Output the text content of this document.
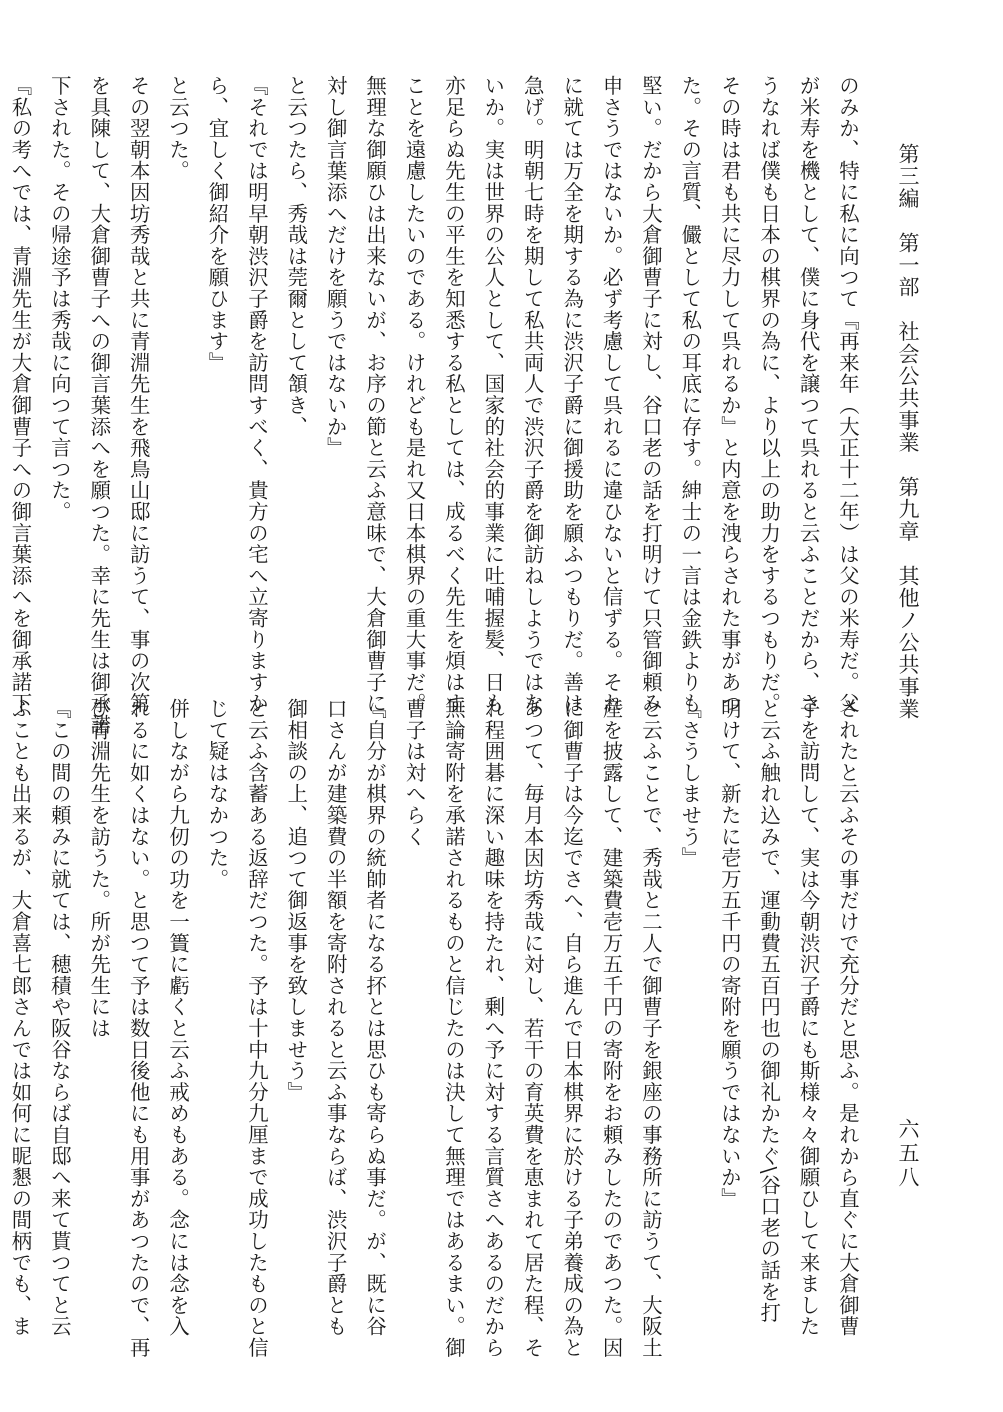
第三編　第一部　社会公共事業　第九章　其他ノ公共事業
六五八
のみか、特に私に向つて『再来年（大正十二年）は父の米寿だ。父
が米寿を機として、僕に身代を譲つて呉れると云ふことだから、さ
うなれば僕も日本の棋界の為に、より以上の助力をするつもりだ。
その時は君も共に尽力して呉れるか』と内意を洩らされた事があつ
た。その言質、儼として私の耳底に存す。紳士の一言は金鉄よりも
堅い。だから大倉御曹子に対し、谷口老の話を打明けて只管御頼み
申さうではないか。必ず考慮して呉れるに違ひないと信ずる。それ
に就ては万全を期する為に渋沢子爵に御援助を願ふつもりだ。善は
急げ。明朝七時を期して私共両人で渋沢子爵を御訪ねしようではな
いか。実は世界の公人として、国家的社会的事業に吐哺握髪、日も
亦足らぬ先生の平生を知悉する私としては、成るべく先生を煩はす
ことを遠慮したいのである。けれども是れ又日本棋界の重大事だ。
無理な御願ひは出来ないが、お序の節と云ふ意味で、大倉御曹子に
対し御言葉添へだけを願うではないか』
と云つたら、秀哉は莞爾として頷き、
『それでは明早朝渋沢子爵を訪問すべく、貴方の宅へ立寄りますか
ら、宜しく御紹介を願ひます』
と云つた。
その翌朝本因坊秀哉と共に青淵先生を飛鳥山邸に訪うて、事の次第
を具陳して、大倉御曹子への御言葉添へを願つた。幸に先生は御承諾
下された。その帰途予は秀哉に向つて言つた。
『私の考へでは、青淵先生が大倉御曹子への御言葉添へを御承諾下
されたと云ふその事だけで充分だと思ふ。是れから直ぐに大倉御曹
子を訪問して、実は今朝渋沢子爵にも斯様々々御願ひして来ました
と云ふ触れ込みで、運動費五百円也の御礼かたぐ\谷口老の話を打
明けて、新たに壱万五千円の寄附を願うではないか』
『さうしませう』
と云ふことで、秀哉と二人で御曹子を銀座の事務所に訪うて、大阪土
産を披露して、建築費壱万五千円の寄附をお頼みしたのであつた。因
に御曹子は今迄でさへ、自ら進んで日本棋界に於ける子弟養成の為と
あつて、毎月本因坊秀哉に対し、若干の育英費を恵まれて居た程、そ
れ程囲碁に深い趣味を持たれ、剰へ予に対する言質さへあるのだから
無論寄附を承諾されるものと信じたのは決して無理ではあるまい。御
曹子は対へらく
『自分が棋界の統帥者になる抔とは思ひも寄らぬ事だ。が、既に谷
口さんが建築費の半額を寄附されると云ふ事ならば、渋沢子爵とも
御相談の上、追つて御返事を致しませう』
と云ふ含蓄ある返辞だつた。予は十中九分九厘まで成功したものと信
じて疑はなかつた。
併しながら九仞の功を一簣に虧くと云ふ戒めもある。念には念を入
れるに如くはない。と思つて予は数日後他にも用事があつたので、再
び青淵先生を訪うた。所が先生には
『この間の頼みに就ては、穂積や阪谷ならば自邸へ来て貰つてと云
ふことも出来るが、大倉喜七郎さんでは如何に昵懇の間柄でも、ま
